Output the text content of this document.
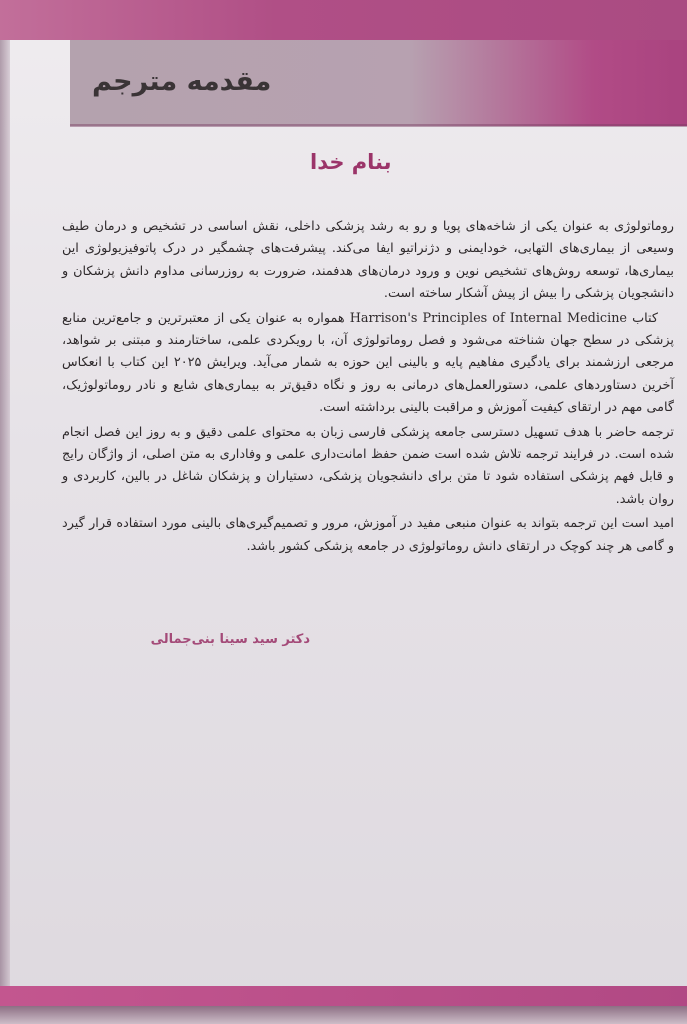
مقدمه مترجم
بنام خدا

روماتولوژی به عنوان یکی از شاخه‌های پویا و رو به رشد پزشکی داخلی، نقش اساسی در تشخیص و درمان طیف وسیعی از بیماری‌های التهابی، خودایمنی و دژنراتیو ایفا می‌کند. پیشرفت‌های چشمگیر در درک پاتوفیزیولوژی این بیماری‌ها، توسعه روش‌های تشخیص نوین و ورود درمان‌های هدفمند، ضرورت به روزرسانی مداوم دانش پزشکان و دانشجویان پزشکی را بیش از پیش آشکار ساخته است.

کتاب Harrison's Principles of Internal Medicine همواره به عنوان یکی از معتبرترین و جامع‌ترین منابع پزشکی در سطح جهان شناخته می‌شود و فصل روماتولوژی آن، با رویکردی علمی، ساختارمند و مبتنی بر شواهد، مرجعی ارزشمند برای یادگیری مفاهیم پایه و بالینی این حوزه به شمار می‌آید. ویرایش ۲۰۲۵ این کتاب با انعکاس آخرین دستاوردهای علمی، دستورالعمل‌های درمانی به روز و نگاه دقیق‌تر به بیماری‌های شایع و نادر روماتولوژیک، گامی مهم در ارتقای کیفیت آموزش و مراقبت بالینی برداشته است.

ترجمه حاضر با هدف تسهیل دسترسی جامعه پزشکی فارسی زبان به محتوای علمی دقیق و به روز این فصل انجام شده است. در فرایند ترجمه تلاش شده است ضمن حفظ امانت‌داری علمی و وفاداری به متن اصلی، از واژگان رایج و قابل فهم پزشکی استفاده شود تا متن برای دانشجویان پزشکی، دستیاران و پزشکان شاغل در بالین، کاربردی و روان باشد.

امید است این ترجمه بتواند به عنوان منبعی مفید در آموزش، مرور و تصمیم‌گیری‌های بالینی مورد استفاده قرار گیرد و گامی هر چند کوچک در ارتقای دانش روماتولوژی در جامعه پزشکی کشور باشد.

دکتر سید سینا بنی‌جمالی
